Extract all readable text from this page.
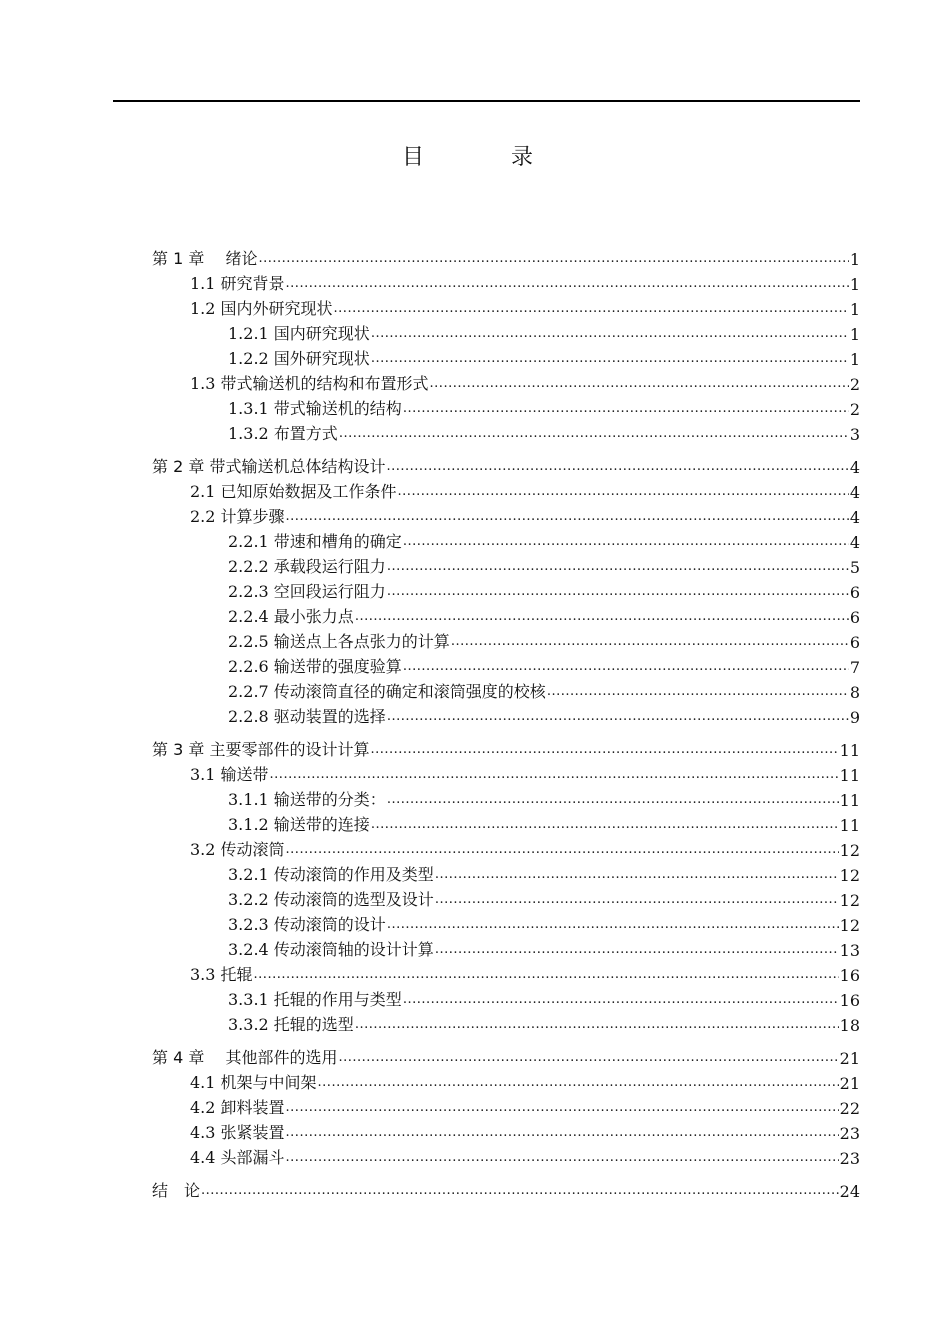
目 录
第 1 章　 绪论 .....	1
1.1 研究背景 .....	1
1.2 国内外研究现状 .....	1
1.2.1 国内研究现状 .....	1
1.2.2 国外研究现状 .....	1
1.3 带式输送机的结构和布置形式 .....	2
1.3.1 带式输送机的结构 .....	2
1.3.2 布置方式 .....	3
第 2 章 带式输送机总体结构设计 .....	4
2.1 已知原始数据及工作条件 .....	4
2.2 计算步骤 .....	4
2.2.1 带速和槽角的确定 .....	4
2.2.2 承载段运行阻力 .....	5
2.2.3 空回段运行阻力 .....	6
2.2.4 最小张力点 .....	6
2.2.5 输送点上各点张力的计算 .....	6
2.2.6 输送带的强度验算 .....	7
2.2.7 传动滚筒直径的确定和滚筒强度的校核 .....	8
2.2.8 驱动装置的选择 .....	9
第 3 章 主要零部件的设计计算 .....	11
3.1 输送带 .....	11
3.1.1 输送带的分类： .....	11
3.1.2 输送带的连接 .....	11
3.2 传动滚筒 .....	12
3.2.1 传动滚筒的作用及类型 .....	12
3.2.2 传动滚筒的选型及设计 .....	12
3.2.3 传动滚筒的设计 .....	12
3.2.4 传动滚筒轴的设计计算 .....	13
3.3 托辊 .....	16
3.3.1 托辊的作用与类型 .....	16
3.3.2 托辊的选型 .....	18
第 4 章　 其他部件的选用 .....	21
4.1 机架与中间架 .....	21
4.2 卸料装置 .....	22
4.3 张紧装置 .....	23
4.4 头部漏斗 .....	23
结　论 .....	24
